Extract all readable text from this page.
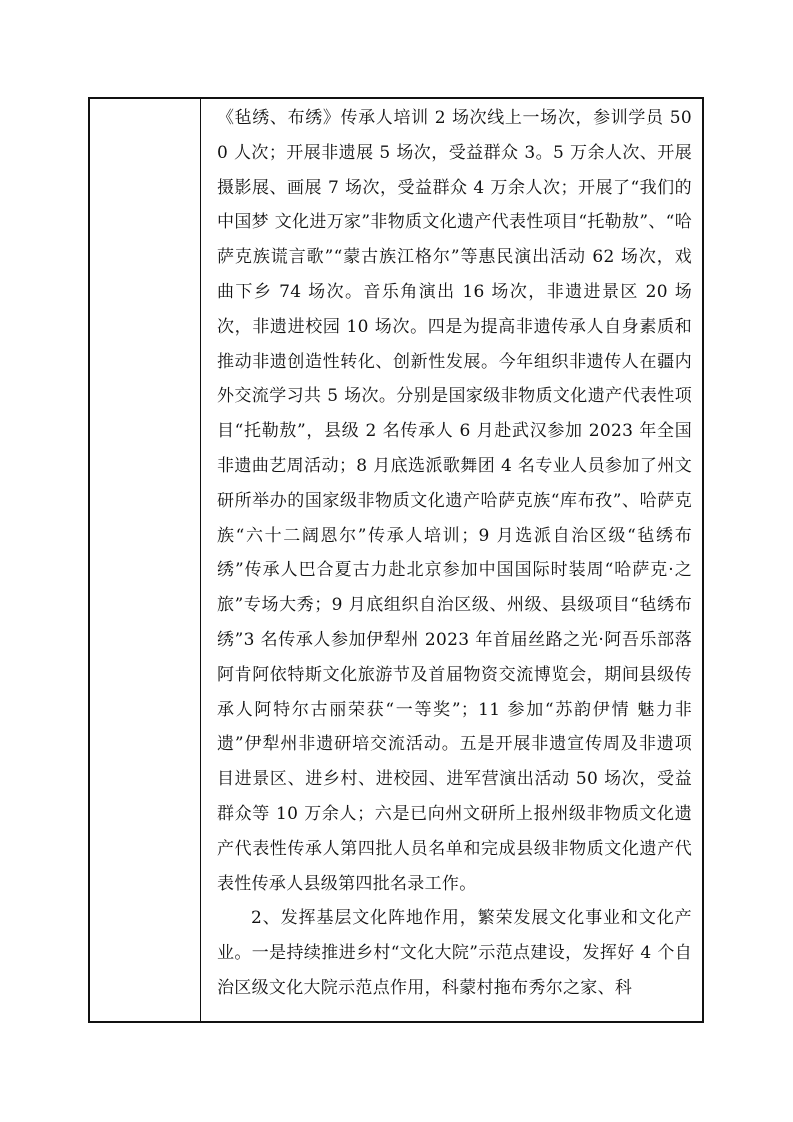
《毡绣、布绣》传承人培训 2 场次线上一场次，参训学员 500 人次；开展非遗展 5 场次，受益群众 3。5 万余人次、开展摄影展、画展 7 场次，受益群众 4 万余人次；开展了“我们的中国梦 文化进万家”非物质文化遗产代表性项目“托勒敖”、“哈萨克族谎言歌”“蒙古族江格尔”等惠民演出活动 62 场次，戏曲下乡 74 场次。音乐角演出 16 场次，非遗进景区 20 场次，非遗进校园 10 场次。四是为提高非遗传承人自身素质和推动非遗创造性转化、创新性发展。今年组织非遗传人在疆内外交流学习共 5 场次。分别是国家级非物质文化遗产代表性项目“托勒敖”，县级 2 名传承人 6 月赴武汉参加 2023 年全国非遗曲艺周活动；8 月底选派歌舞团 4 名专业人员参加了州文研所举办的国家级非物质文化遗产哈萨克族“库布孜”、哈萨克族“六十二阔恩尔”传承人培训；9 月选派自治区级“毡绣布绣”传承人巴合夏古力赴北京参加中国国际时装周“哈萨克·之旅”专场大秀；9 月底组织自治区级、州级、县级项目“毡绣布绣”3 名传承人参加伊犁州 2023 年首届丝路之光·阿吾乐部落阿肯阿依特斯文化旅游节及首届物资交流博览会，期间县级传承人阿特尔古丽荣获“一等奖”；11 参加“苏韵伊情 魅力非遗”伊犁州非遗研培交流活动。五是开展非遗宣传周及非遗项目进景区、进乡村、进校园、进军营演出活动 50 场次，受益群众等 10 万余人；六是已向州文研所上报州级非物质文化遗产代表性传承人第四批人员名单和完成县级非物质文化遗产代表性传承人县级第四批名录工作。

2、发挥基层文化阵地作用，繁荣发展文化事业和文化产业。一是持续推进乡村“文化大院”示范点建设，发挥好 4 个自治区级文化大院示范点作用，科蒙村拖布秀尔之家、科
